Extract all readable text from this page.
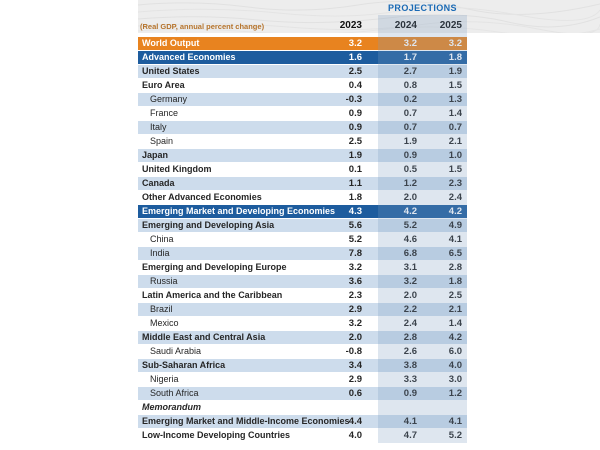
PROJECTIONS
(Real GDP, annual percent change)	2023	2024	2025
World Output	3.2	3.2	3.2
Advanced Economies	1.6	1.7	1.8
United States	2.5	2.7	1.9
Euro Area	0.4	0.8	1.5
Germany	-0.3	0.2	1.3
France	0.9	0.7	1.4
Italy	0.9	0.7	0.7
Spain	2.5	1.9	2.1
Japan	1.9	0.9	1.0
United Kingdom	0.1	0.5	1.5
Canada	1.1	1.2	2.3
Other Advanced Economies	1.8	2.0	2.4
Emerging Market and Developing Economies	4.3	4.2	4.2
Emerging and Developing Asia	5.6	5.2	4.9
China	5.2	4.6	4.1
India	7.8	6.8	6.5
Emerging and Developing Europe	3.2	3.1	2.8
Russia	3.6	3.2	1.8
Latin America and the Caribbean	2.3	2.0	2.5
Brazil	2.9	2.2	2.1
Mexico	3.2	2.4	1.4
Middle East and Central Asia	2.0	2.8	4.2
Saudi Arabia	-0.8	2.6	6.0
Sub-Saharan Africa	3.4	3.8	4.0
Nigeria	2.9	3.3	3.0
South Africa	0.6	0.9	1.2
Memorandum
Emerging Market and Middle-Income Economies 4.4	4.1	4.1
Low-Income Developing Countries	4.0	4.7	5.2
